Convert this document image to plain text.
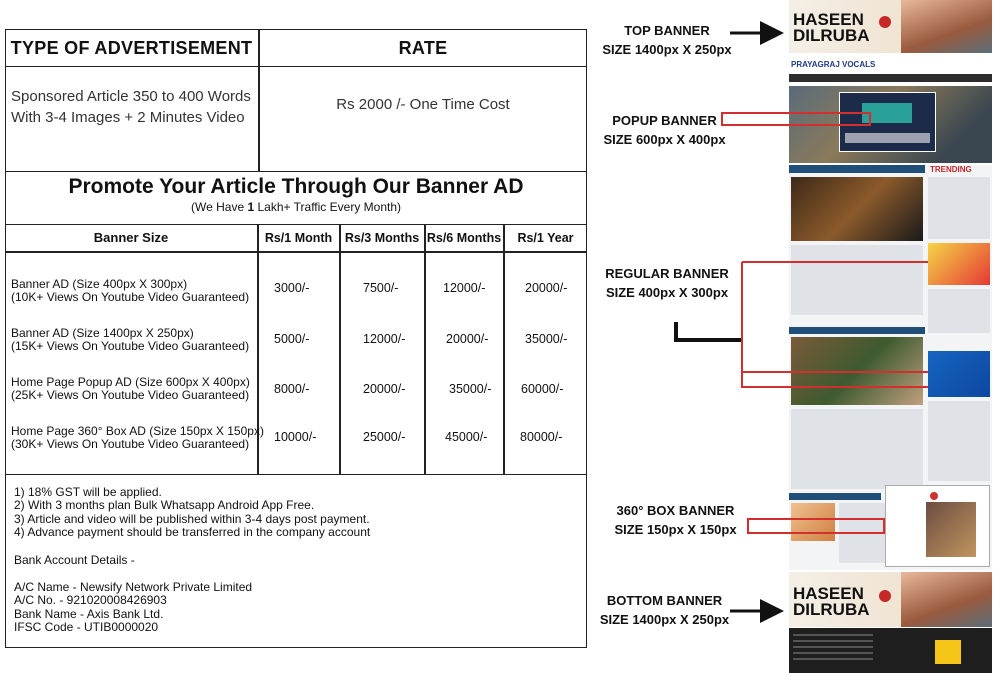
TYPE OF ADVERTISEMENT	RATE
Sponsored Article 350 to 400 Words
With 3-4 Images + 2 Minutes Video
Rs 2000 /- One Time Cost
Promote Your Article Through Our Banner AD
(We Have 1 Lakh+ Traffic Every Month)
Banner Size	Rs/1 Month	Rs/3 Months Rs/6 Months	Rs/1 Year
Banner AD (Size 400px X 300px)
(10K+ Views On Youtube Video Guaranteed)
3000/-	7500/-	12000/-	20000/-
Banner AD (Size 1400px X 250px)
(15K+ Views On Youtube Video Guaranteed) 5000/-	12000/-	20000/-	35000/-
Home Page Popup AD (Size 600px X 400px)
(25K+ Views On Youtube Video Guaranteed) 8000/-	20000/-	35000/- 60000/-
Home Page 360° Box AD (Size 150px X 150px)
(30K+ Views On Youtube Video Guaranteed) 10000/-	25000/-	45000/-	80000/-
1) 18% GST will be applied.
2) With 3 months plan Bulk Whatsapp Android App Free.
3) Article and video will be published within 3-4 days post payment.
4) Advance payment should be transferred in the company account
Bank Account Details -
A/C Name - Newsify Network Private Limited
A/C No. - 921020008426903
Bank Name - Axis Bank Ltd.
IFSC Code - UTIB0000020
TOP BANNER
SIZE 1400px X 250px
POPUP BANNER
SIZE 600px X 400px
REGULAR BANNER
SIZE 400px X 300px
360° BOX BANNER
SIZE 150px X 150px
BOTTOM BANNER
SIZE 1400px X 250px
HASEEN
DILRUBA
PRAYAGRAJ VOCALS
TRENDING
HASEEN
DILRUBA
